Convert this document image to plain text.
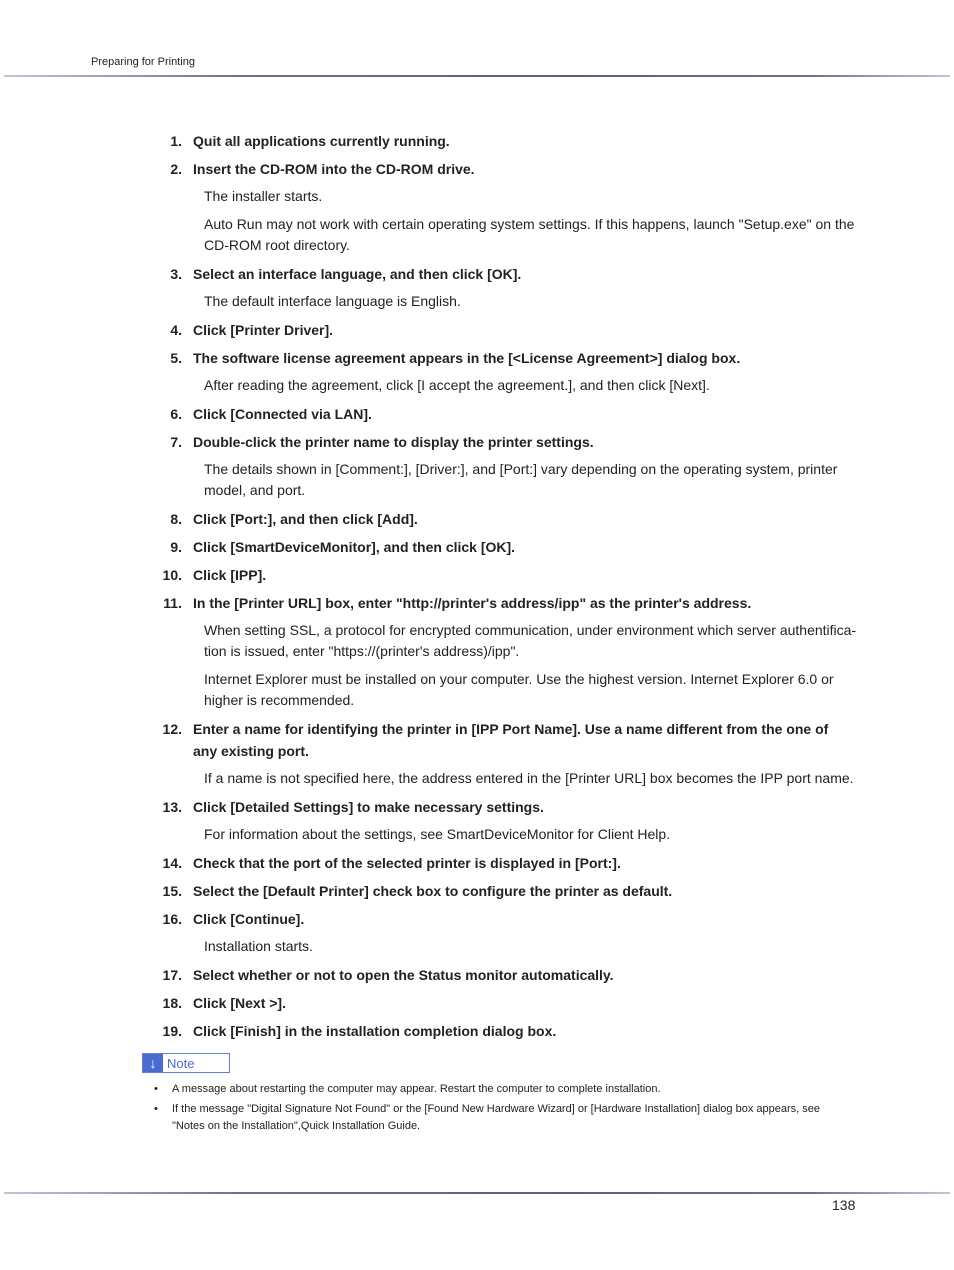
Preparing for Printing
1. Quit all applications currently running.
2. Insert the CD-ROM into the CD-ROM drive.
The installer starts.
Auto Run may not work with certain operating system settings. If this happens, launch "Setup.exe" on the CD-ROM root directory.
3. Select an interface language, and then click [OK].
The default interface language is English.
4. Click [Printer Driver].
5. The software license agreement appears in the [<License Agreement>] dialog box.
After reading the agreement, click [I accept the agreement.], and then click [Next].
6. Click [Connected via LAN].
7. Double-click the printer name to display the printer settings.
The details shown in [Comment:], [Driver:], and [Port:] vary depending on the operating system, printer model, and port.
8. Click [Port:], and then click [Add].
9. Click [SmartDeviceMonitor], and then click [OK].
10. Click [IPP].
11. In the [Printer URL] box, enter "http://printer's address/ipp" as the printer's address.
When setting SSL, a protocol for encrypted communication, under environment which server authentifica-tion is issued, enter "https://(printer's address)/ipp".
Internet Explorer must be installed on your computer. Use the highest version. Internet Explorer 6.0 or higher is recommended.
12. Enter a name for identifying the printer in [IPP Port Name]. Use a name different from the one of any existing port.
If a name is not specified here, the address entered in the [Printer URL] box becomes the IPP port name.
13. Click [Detailed Settings] to make necessary settings.
For information about the settings, see SmartDeviceMonitor for Client Help.
14. Check that the port of the selected printer is displayed in [Port:].
15. Select the [Default Printer] check box to configure the printer as default.
16. Click [Continue].
Installation starts.
17. Select whether or not to open the Status monitor automatically.
18. Click [Next >].
19. Click [Finish] in the installation completion dialog box.
↓ Note
•	A message about restarting the computer may appear. Restart the computer to complete installation.
•	If the message "Digital Signature Not Found" or the [Found New Hardware Wizard] or [Hardware Installation] dialog box appears, see "Notes on the Installation",Quick Installation Guide.
138
